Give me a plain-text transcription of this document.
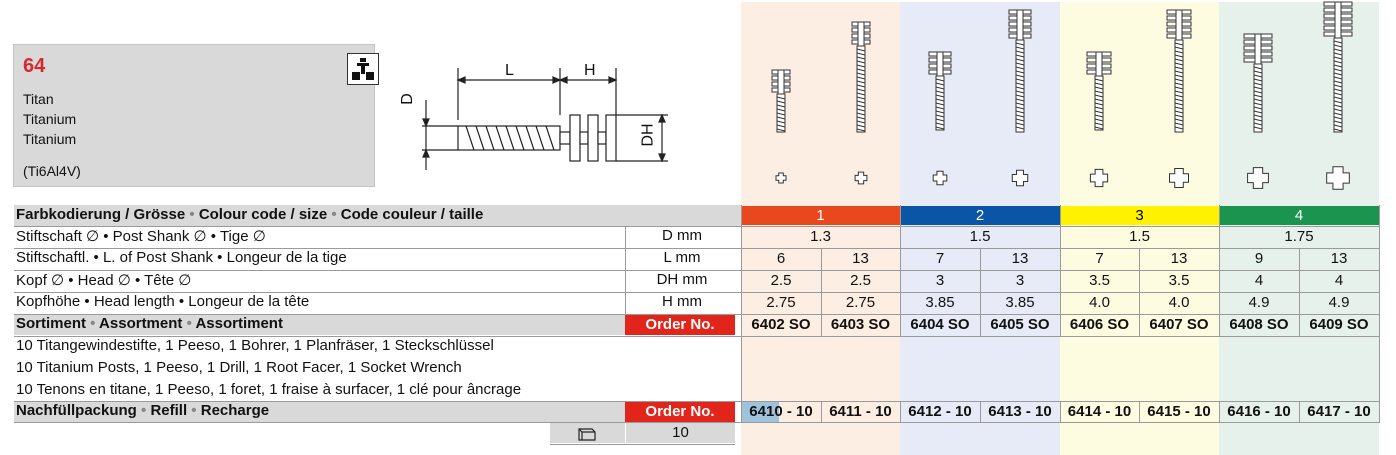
64
Titan
Titanium
Titanium
(Ti6Al4V)
L	H
D
DH
Farbkodierung / Grösse • Colour code / size • Code couleur / taille	1	2	3	4
Stiftschaft ∅ • Post Shank ∅ • Tige ∅	D mm	1.3	1.5	1.5	1.75
Stiftschaftl. • L. of Post Shank • Longeur de la tige	L mm	6	13	7	13	7	13	9	13
Kopf ∅ • Head ∅ • Tête ∅	DH mm	2.5	2.5	3	3	3.5	3.5	4	4
Kopfhöhe • Head length • Longeur de la tête	H mm	2.75	2.75	3.85	3.85	4.0	4.0	4.9	4.9
Sortiment • Assortment • Assortiment	Order No.	6402 SO	6403 SO	6404 SO	6405 SO	6406 SO	6407 SO	6408 SO	6409 SO
10 Titangewindestifte, 1 Peeso, 1 Bohrer, 1 Planfräser, 1 Steckschlüssel
10 Titanium Posts, 1 Peeso, 1 Drill, 1 Root Facer, 1 Socket Wrench
10 Tenons en titane, 1 Peeso, 1 foret, 1 fraise à surfacer, 1 clé pour âncrage
Nachfüllpackung • Refill • Recharge	Order No.	6410 - 10	6411 - 10	6412 - 10	6413 - 10	6414 - 10	6415 - 10	6416 - 10	6417 - 10
10
